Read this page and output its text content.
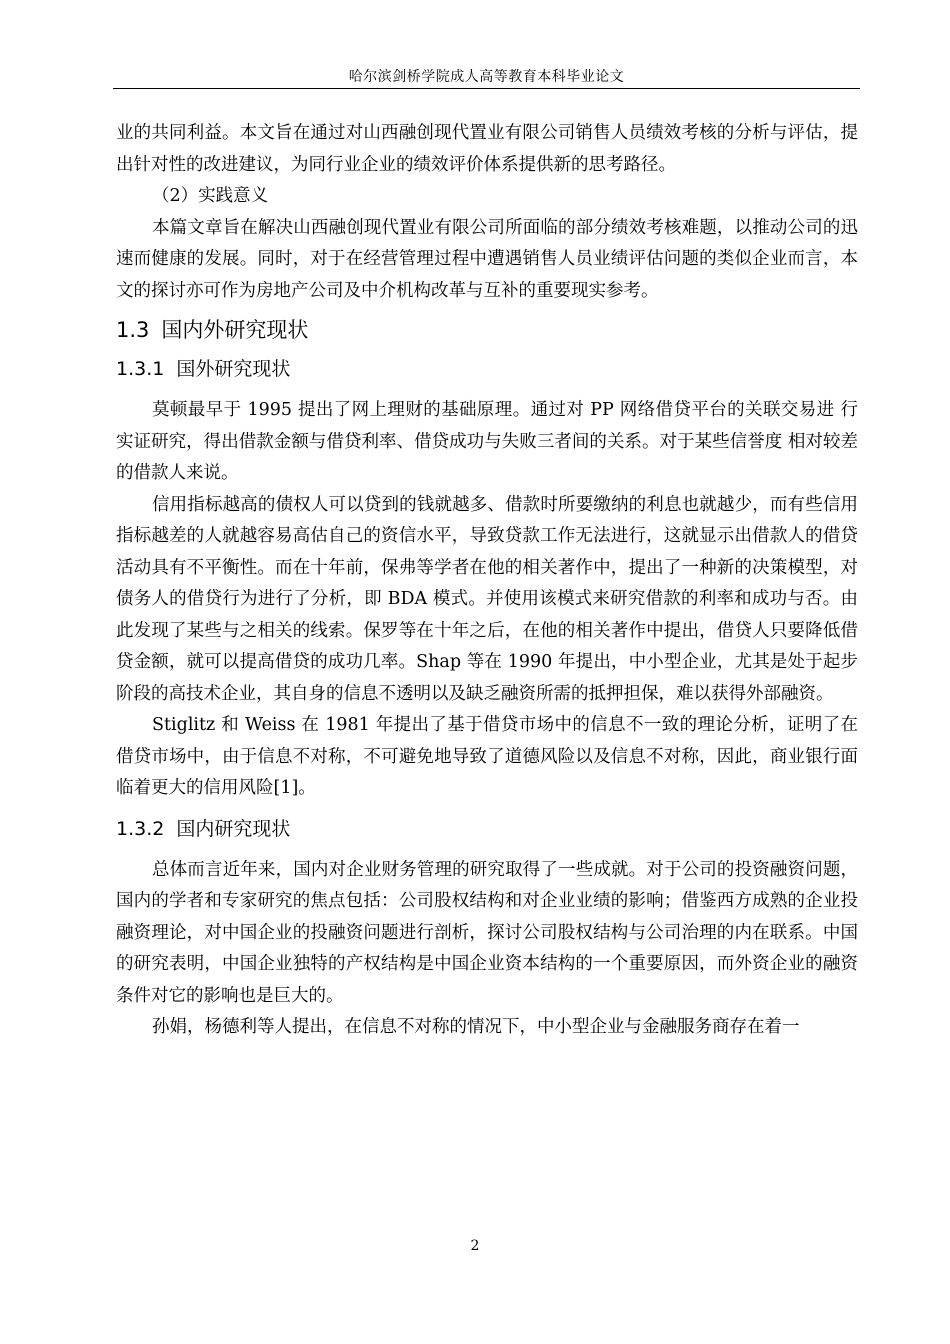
哈尔滨剑桥学院成人高等教育本科毕业论文

业的共同利益。本文旨在通过对山西融创现代置业有限公司销售人员绩效考核的分析与评估，提出针对性的改进建议，为同行业企业的绩效评价体系提供新的思考路径。

（2）实践意义

本篇文章旨在解决山西融创现代置业有限公司所面临的部分绩效考核难题，以推动公司的迅速而健康的发展。同时，对于在经营管理过程中遭遇销售人员业绩评估问题的类似企业而言，本文的探讨亦可作为房地产公司及中介机构改革与互补的重要现实参考。

1.3 国内外研究现状
1.3.1 国外研究现状

莫顿最早于 1995 提出了网上理财的基础原理。通过对 PP 网络借贷平台的关联交易进 行实证研究，得出借款金额与借贷利率、借贷成功与失败三者间的关系。对于某些信誉度 相对较差的借款人来说。

信用指标越高的债权人可以贷到的钱就越多、借款时所要缴纳的利息也就越少，而有些信用指标越差的人就越容易高估自己的资信水平，导致贷款工作无法进行，这就显示出借款人的借贷活动具有不平衡性。而在十年前，保弗等学者在他的相关著作中，提出了一种新的决策模型，对债务人的借贷行为进行了分析，即 BDA 模式。并使用该模式来研究借款的利率和成功与否。由此发现了某些与之相关的线索。保罗等在十年之后，在他的相关著作中提出，借贷人只要降低借贷金额，就可以提高借贷的成功几率。Shap 等在 1990 年提出，中小型企业，尤其是处于起步阶段的高技术企业，其自身的信息不透明以及缺乏融资所需的抵押担保，难以获得外部融资。

Stiglitz 和 Weiss 在 1981 年提出了基于借贷市场中的信息不一致的理论分析，证明了在借贷市场中，由于信息不对称，不可避免地导致了道德风险以及信息不对称，因此，商业银行面临着更大的信用风险[1]。

1.3.2 国内研究现状

总体而言近年来，国内对企业财务管理的研究取得了一些成就。对于公司的投资融资问题，国内的学者和专家研究的焦点包括：公司股权结构和对企业业绩的影响；借鉴西方成熟的企业投融资理论，对中国企业的投融资问题进行剖析，探讨公司股权结构与公司治理的内在联系。中国的研究表明，中国企业独特的产权结构是中国企业资本结构的一个重要原因，而外资企业的融资条件对它的影响也是巨大的。

孙娟，杨德利等人提出，在信息不对称的情况下，中小型企业与金融服务商存在着一

2
